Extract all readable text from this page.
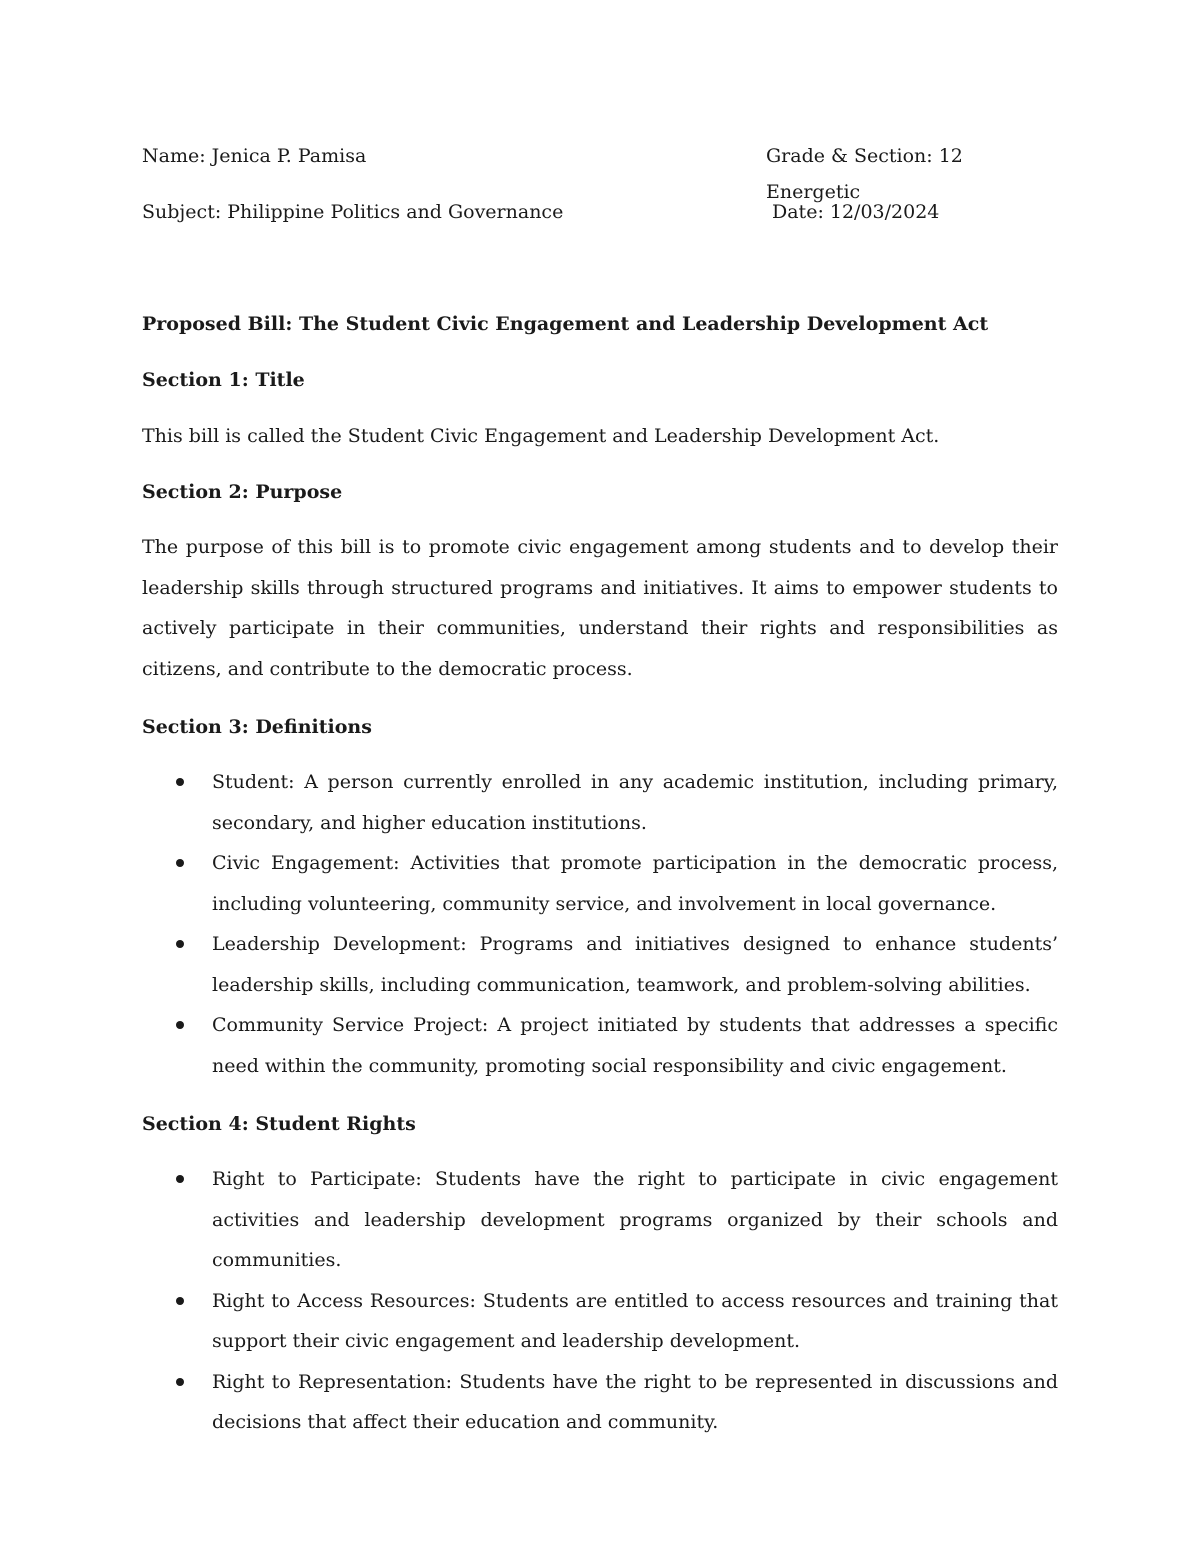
Name: Jenica P. Pamisa	Grade & Section: 12 Energetic
Subject: Philippine Politics and Governance	Date: 12/03/2024
Proposed Bill: The Student Civic Engagement and Leadership Development Act
Section 1: Title
This bill is called the Student Civic Engagement and Leadership Development Act.
Section 2: Purpose
The purpose of this bill is to promote civic engagement among students and to develop their leadership skills through structured programs and initiatives. It aims to empower students to actively participate in their communities, understand their rights and responsibilities as citizens, and contribute to the democratic process.
Section 3: Definitions
Student: A person currently enrolled in any academic institution, including primary, secondary, and higher education institutions.
Civic Engagement: Activities that promote participation in the democratic process, including volunteering, community service, and involvement in local governance.
Leadership Development: Programs and initiatives designed to enhance students’ leadership skills, including communication, teamwork, and problem-solving abilities.
Community Service Project: A project initiated by students that addresses a specific need within the community, promoting social responsibility and civic engagement.
Section 4: Student Rights
Right to Participate: Students have the right to participate in civic engagement activities and leadership development programs organized by their schools and communities.
Right to Access Resources: Students are entitled to access resources and training that support their civic engagement and leadership development.
Right to Representation: Students have the right to be represented in discussions and decisions that affect their education and community.
